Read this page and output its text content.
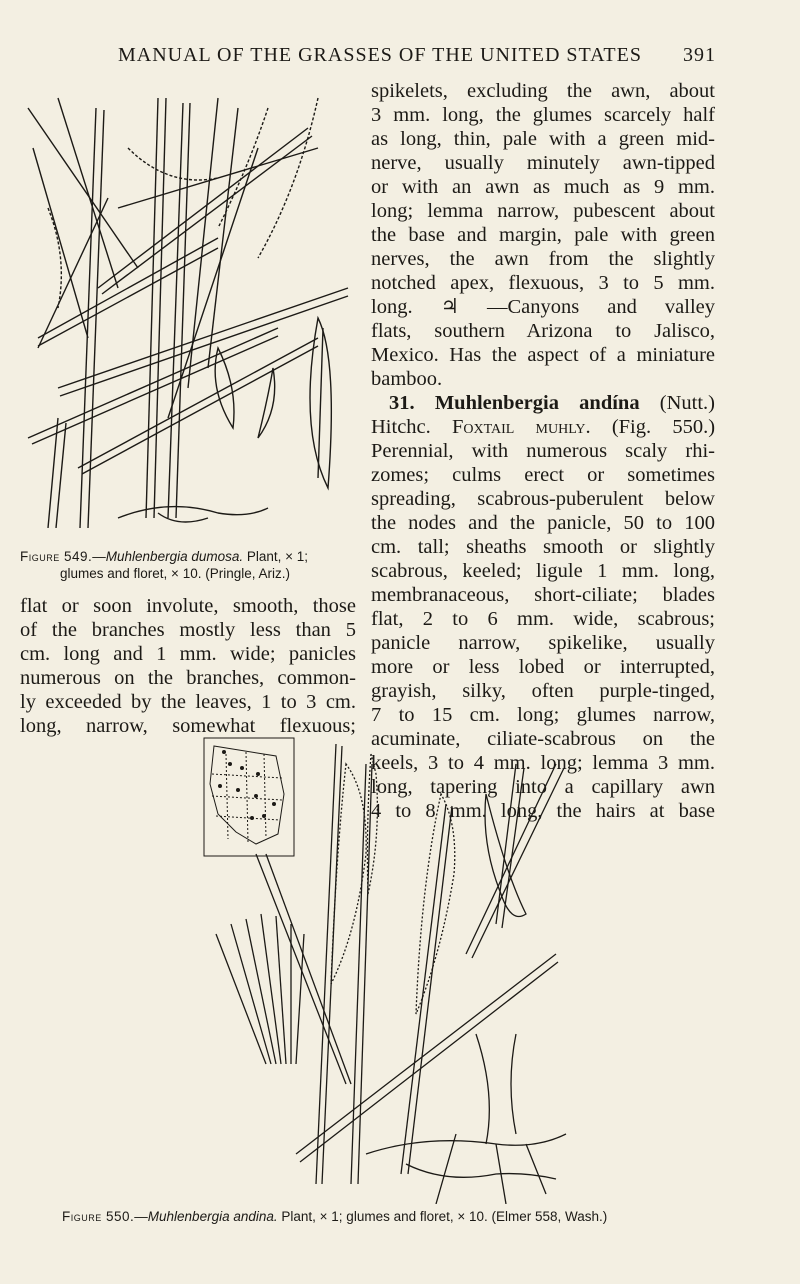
MANUAL OF THE GRASSES OF THE UNITED STATES 391
Figure 549.—Muhlenbergia dumosa. Plant, × 1;
glumes and floret, × 10. (Pringle, Ariz.)
flat or soon involute, smooth, those
of the branches mostly less than 5
cm. long and 1 mm. wide; panicles
numerous on the branches, common-
ly exceeded by the leaves, 1 to 3 cm.
long, narrow, somewhat flexuous;
spikelets, excluding the awn, about
3 mm. long, the glumes scarcely half
as long, thin, pale with a green mid-
nerve, usually minutely awn-tipped
or with an awn as much as 9 mm.
long; lemma narrow, pubescent about
the base and margin, pale with green
nerves, the awn from the slightly
notched apex, flexuous, 3 to 5 mm.
long. ♃ —Canyons and valley
flats, southern Arizona to Jalisco,
Mexico. Has the aspect of a miniature
bamboo.
31. Muhlenbergia andína (Nutt.)
Hitchc. Foxtail muhly. (Fig. 550.)
Perennial, with numerous scaly rhi-
zomes; culms erect or sometimes
spreading, scabrous-puberulent below
the nodes and the panicle, 50 to 100
cm. tall; sheaths smooth or slightly
scabrous, keeled; ligule 1 mm. long,
membranaceous, short-ciliate; blades
flat, 2 to 6 mm. wide, scabrous;
panicle narrow, spikelike, usually
more or less lobed or interrupted,
grayish, silky, often purple-tinged,
7 to 15 cm. long; glumes narrow,
acuminate, ciliate-scabrous on the
keels, 3 to 4 mm. long; lemma 3 mm.
long, tapering into a capillary awn
4 to 8 mm. long, the hairs at base
Figure 550.—Muhlenbergia andina. Plant, × 1; glumes and floret, × 10. (Elmer 558, Wash.)
